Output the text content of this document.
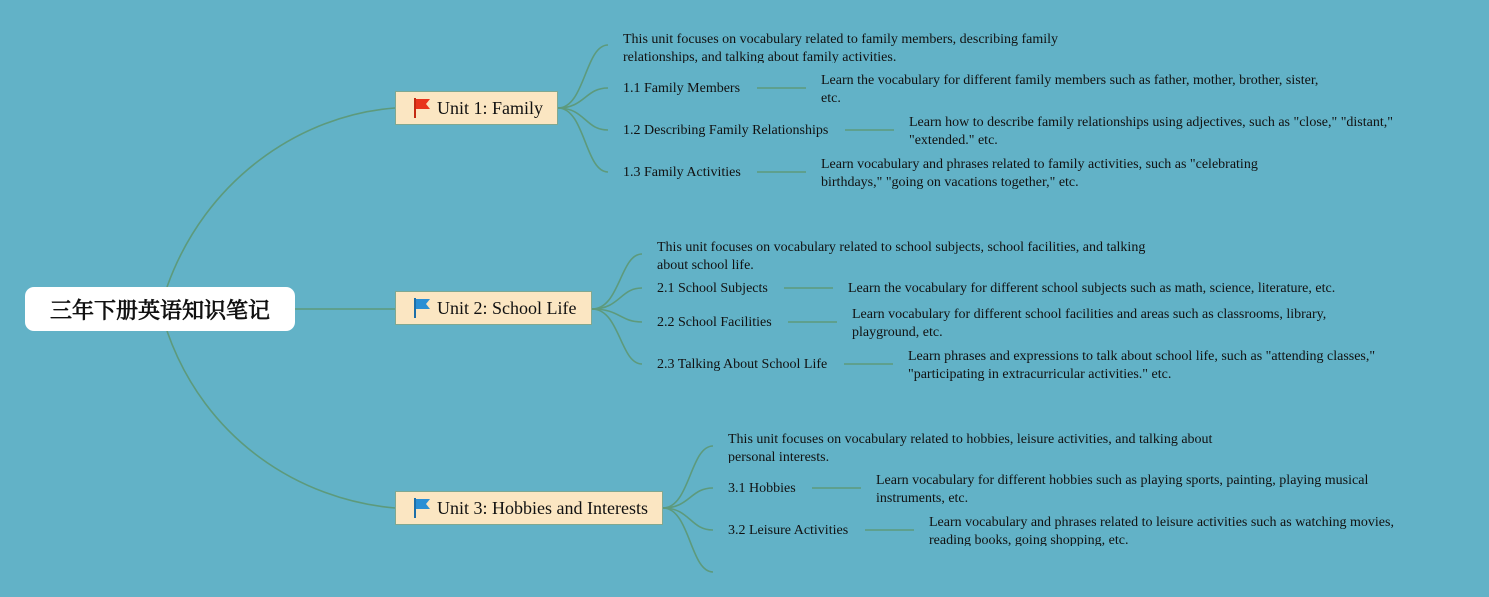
三年下册英语知识笔记
Unit 1: Family
This unit focuses on vocabulary related to family members, describing family relationships, and talking about family activities.
1.1 Family Members
Learn the vocabulary for different family members such as father, mother, brother, sister, etc.
1.2 Describing Family Relationships
Learn how to describe family relationships using adjectives, such as "close," "distant," "extended." etc.
1.3 Family Activities
Learn vocabulary and phrases related to family activities, such as "celebrating birthdays," "going on vacations together," etc.
Unit 2: School Life
This unit focuses on vocabulary related to school subjects, school facilities, and talking about school life.
2.1 School Subjects	Learn the vocabulary for different school subjects such as math, science, literature, etc.
2.2 School Facilities
Learn vocabulary for different school facilities and areas such as classrooms, library, playground, etc.
2.3 Talking About School Life
Learn phrases and expressions to talk about school life, such as "attending classes," "participating in extracurricular activities." etc.
Unit 3: Hobbies and Interests
This unit focuses on vocabulary related to hobbies, leisure activities, and talking about personal interests.
3.1 Hobbies
Learn vocabulary for different hobbies such as playing sports, painting, playing musical instruments, etc.
3.2 Leisure Activities
Learn vocabulary and phrases related to leisure activities such as watching movies, reading books, going shopping, etc.
